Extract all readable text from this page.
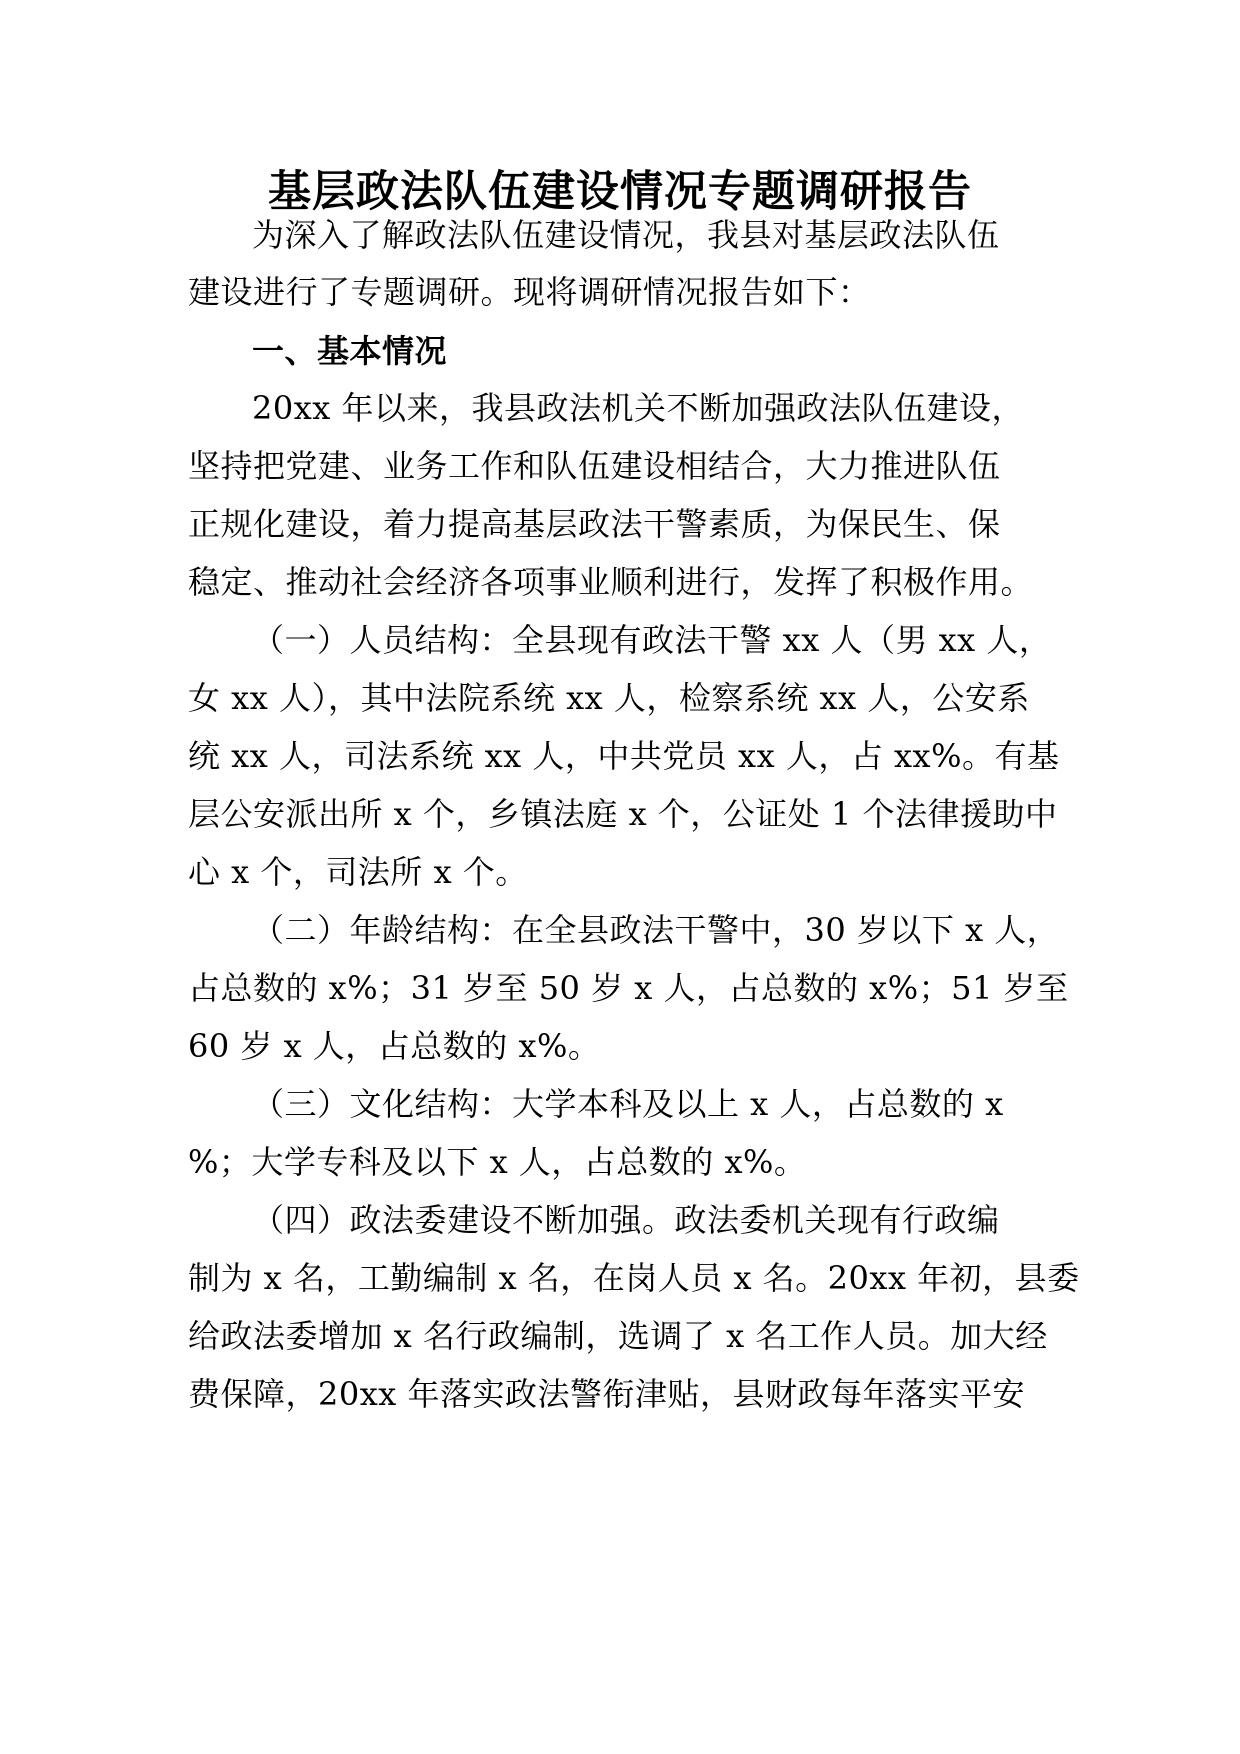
基层政法队伍建设情况专题调研报告
为深入了解政法队伍建设情况，我县对基层政法队伍
建设进行了专题调研。现将调研情况报告如下：
一、基本情况
20xx 年以来，我县政法机关不断加强政法队伍建设，
坚持把党建、业务工作和队伍建设相结合，大力推进队伍
正规化建设，着力提高基层政法干警素质，为保民生、保
稳定、推动社会经济各项事业顺利进行，发挥了积极作用。
（一）人员结构：全县现有政法干警 xx 人（男 xx 人，
女 xx 人），其中法院系统 xx 人，检察系统 xx 人，公安系
统 xx 人，司法系统 xx 人，中共党员 xx 人，占 xx%。有基
层公安派出所 x 个，乡镇法庭 x 个，公证处 1 个法律援助中
心 x 个，司法所 x 个。
（二）年龄结构：在全县政法干警中，30 岁以下 x 人，
占总数的 x%；31 岁至 50 岁 x 人，占总数的 x%；51 岁至
60 岁 x 人，占总数的 x%。
（三）文化结构：大学本科及以上 x 人，占总数的 x
%；大学专科及以下 x 人，占总数的 x%。
（四）政法委建设不断加强。政法委机关现有行政编
制为 x 名，工勤编制 x 名，在岗人员 x 名。20xx 年初，县委
给政法委增加 x 名行政编制，选调了 x 名工作人员。加大经
费保障，20xx 年落实政法警衔津贴，县财政每年落实平安
